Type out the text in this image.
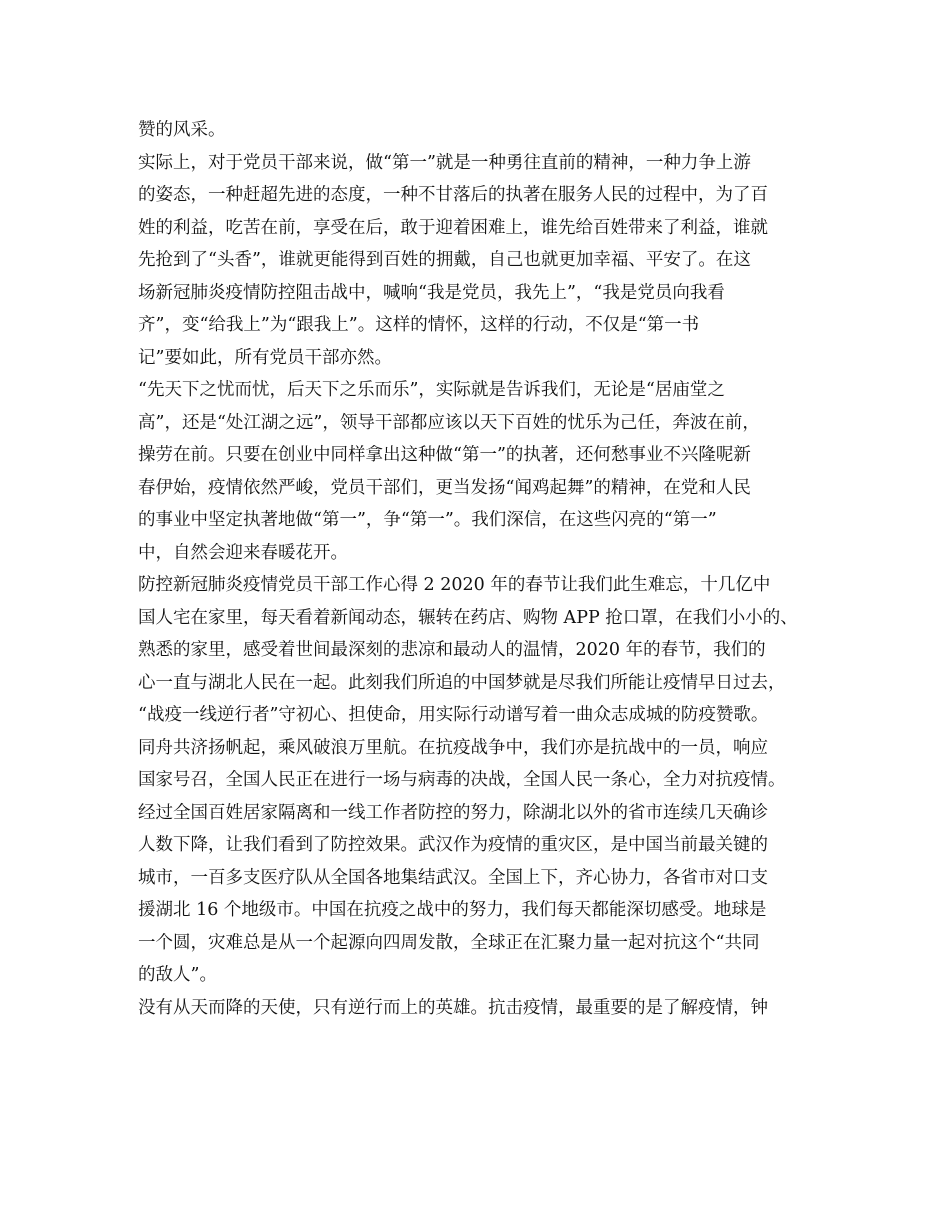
赞的风采。
实际上，对于党员干部来说，做“第一”就是一种勇往直前的精神，一种力争上游
的姿态，一种赶超先进的态度，一种不甘落后的执著在服务人民的过程中，为了百
姓的利益，吃苦在前，享受在后，敢于迎着困难上，谁先给百姓带来了利益，谁就
先抢到了“头香”，谁就更能得到百姓的拥戴，自己也就更加幸福、平安了。在这
场新冠肺炎疫情防控阻击战中，喊响“我是党员，我先上”，“我是党员向我看
齐”，变“给我上”为“跟我上”。这样的情怀，这样的行动，不仅是“第一书
记”要如此，所有党员干部亦然。
“先天下之忧而忧，后天下之乐而乐”，实际就是告诉我们，无论是“居庙堂之
高”，还是“处江湖之远”，领导干部都应该以天下百姓的忧乐为己任，奔波在前，
操劳在前。只要在创业中同样拿出这种做“第一”的执著，还何愁事业不兴隆呢新
春伊始，疫情依然严峻，党员干部们，更当发扬“闻鸡起舞”的精神，在党和人民
的事业中坚定执著地做“第一”，争“第一”。我们深信，在这些闪亮的“第一”
中，自然会迎来春暖花开。
防控新冠肺炎疫情党员干部工作心得 2 2020 年的春节让我们此生难忘，十几亿中
国人宅在家里，每天看着新闻动态，辗转在药店、购物 APP 抢口罩，在我们小小的、
熟悉的家里，感受着世间最深刻的悲凉和最动人的温情，2020 年的春节，我们的
心一直与湖北人民在一起。此刻我们所追的中国梦就是尽我们所能让疫情早日过去，
“战疫一线逆行者”守初心、担使命，用实际行动谱写着一曲众志成城的防疫赞歌。
同舟共济扬帆起，乘风破浪万里航。在抗疫战争中，我们亦是抗战中的一员，响应
国家号召，全国人民正在进行一场与病毒的决战，全国人民一条心，全力对抗疫情。
经过全国百姓居家隔离和一线工作者防控的努力，除湖北以外的省市连续几天确诊
人数下降，让我们看到了防控效果。武汉作为疫情的重灾区，是中国当前最关键的
城市，一百多支医疗队从全国各地集结武汉。全国上下，齐心协力，各省市对口支
援湖北 16 个地级市。中国在抗疫之战中的努力，我们每天都能深切感受。地球是
一个圆，灾难总是从一个起源向四周发散，全球正在汇聚力量一起对抗这个“共同
的敌人”。
没有从天而降的天使，只有逆行而上的英雄。抗击疫情，最重要的是了解疫情，钟
